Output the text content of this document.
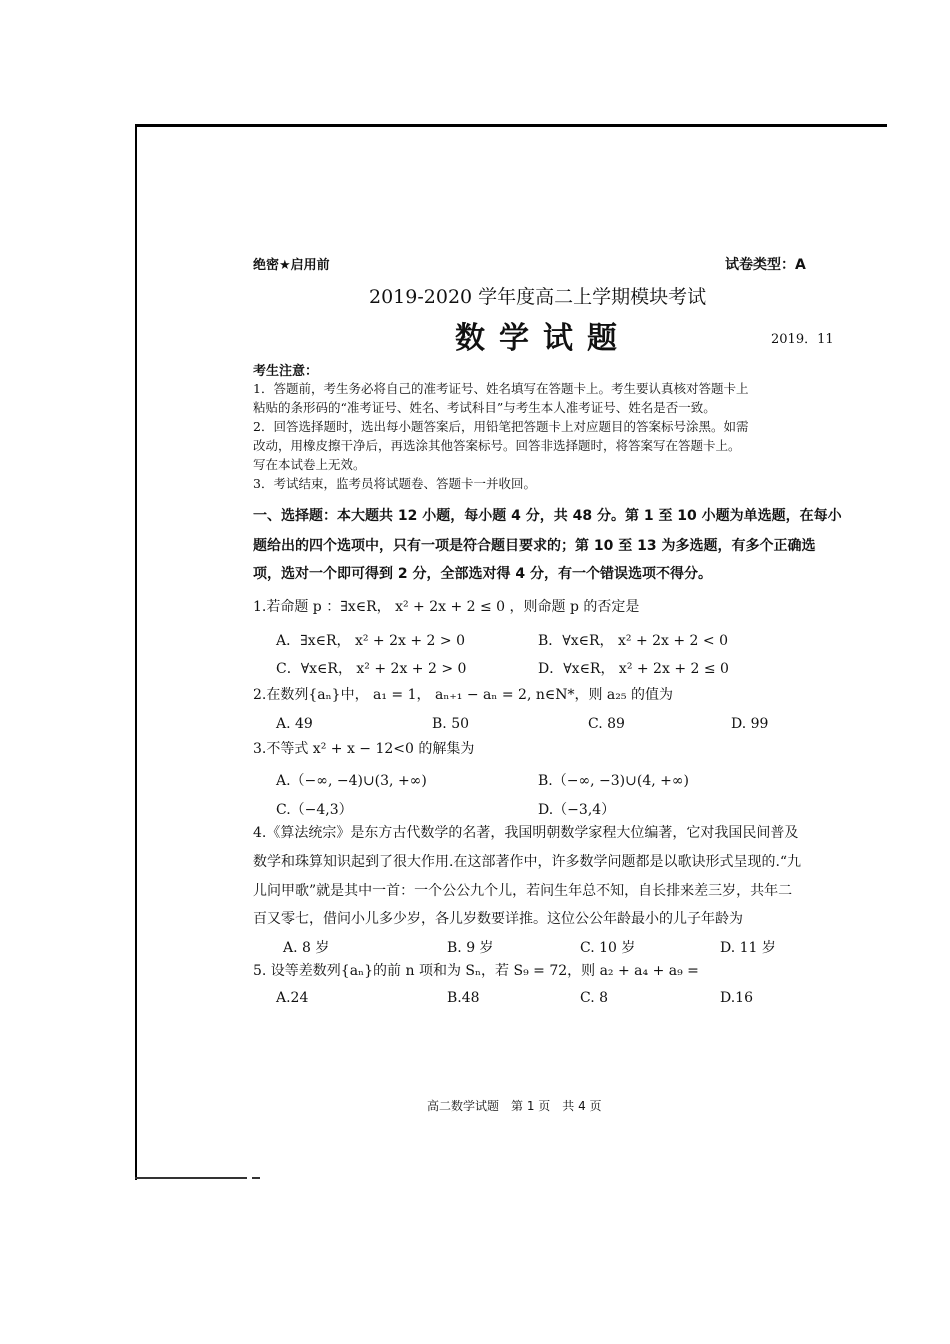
绝密★启用前	试卷类型：A
2019-2020 学年度高二上学期模块考试
数学试题	2019．11
考生注意：
1．答题前，考生务必将自己的准考证号、姓名填写在答题卡上。考生要认真核对答题卡上
粘贴的条形码的“准考证号、姓名、考试科目”与考生本人准考证号、姓名是否一致。
2．回答选择题时，选出每小题答案后，用铅笔把答题卡上对应题目的答案标号涂黑。如需
改动，用橡皮擦干净后，再选涂其他答案标号。回答非选择题时，将答案写在答题卡上。
写在本试卷上无效。
3．考试结束，监考员将试题卷、答题卡一并收回。
一、选择题：本大题共 12 小题，每小题 4 分，共 48 分。第 1 至 10 小题为单选题，在每小
题给出的四个选项中，只有一项是符合题目要求的；第 10 至 13 为多选题，有多个正确选
项，选对一个即可得到 2 分，全部选对得 4 分，有一个错误选项不得分。
1.若命题 p ：∃x∈R， x² + 2x + 2 ≤ 0 ，则命题 p 的否定是
A．∃x∈R， x² + 2x + 2 > 0	B．∀x∈R， x² + 2x + 2 < 0
C．∀x∈R， x² + 2x + 2 > 0	D．∀x∈R， x² + 2x + 2 ≤ 0
2.在数列{aₙ}中， a₁ = 1， aₙ₊₁ − aₙ = 2, n∈N*，则 a₂₅ 的值为
A. 49	B. 50	C. 89	D. 99
3.不等式 x² + x − 12<0 的解集为
A.（−∞, −4)∪(3, +∞)	B.（−∞, −3)∪(4, +∞)
C.（−4,3）	D.（−3,4）
4.《算法统宗》是东方古代数学的名著，我国明朝数学家程大位编著，它对我国民间普及
数学和珠算知识起到了很大作用.在这部著作中，许多数学问题都是以歌诀形式呈现的.“九
儿问甲歌”就是其中一首：一个公公九个儿，若问生年总不知，自长排来差三岁，共年二
百又零七，借问小儿多少岁，各儿岁数要详推。这位公公年龄最小的儿子年龄为
A. 8 岁	B. 9 岁	C. 10 岁	D. 11 岁
5. 设等差数列{aₙ}的前 n 项和为 Sₙ，若 S₉ = 72，则 a₂ + a₄ + a₉ =
A.24	B.48	C. 8	D.16
高二数学试题　第 1 页　共 4 页
